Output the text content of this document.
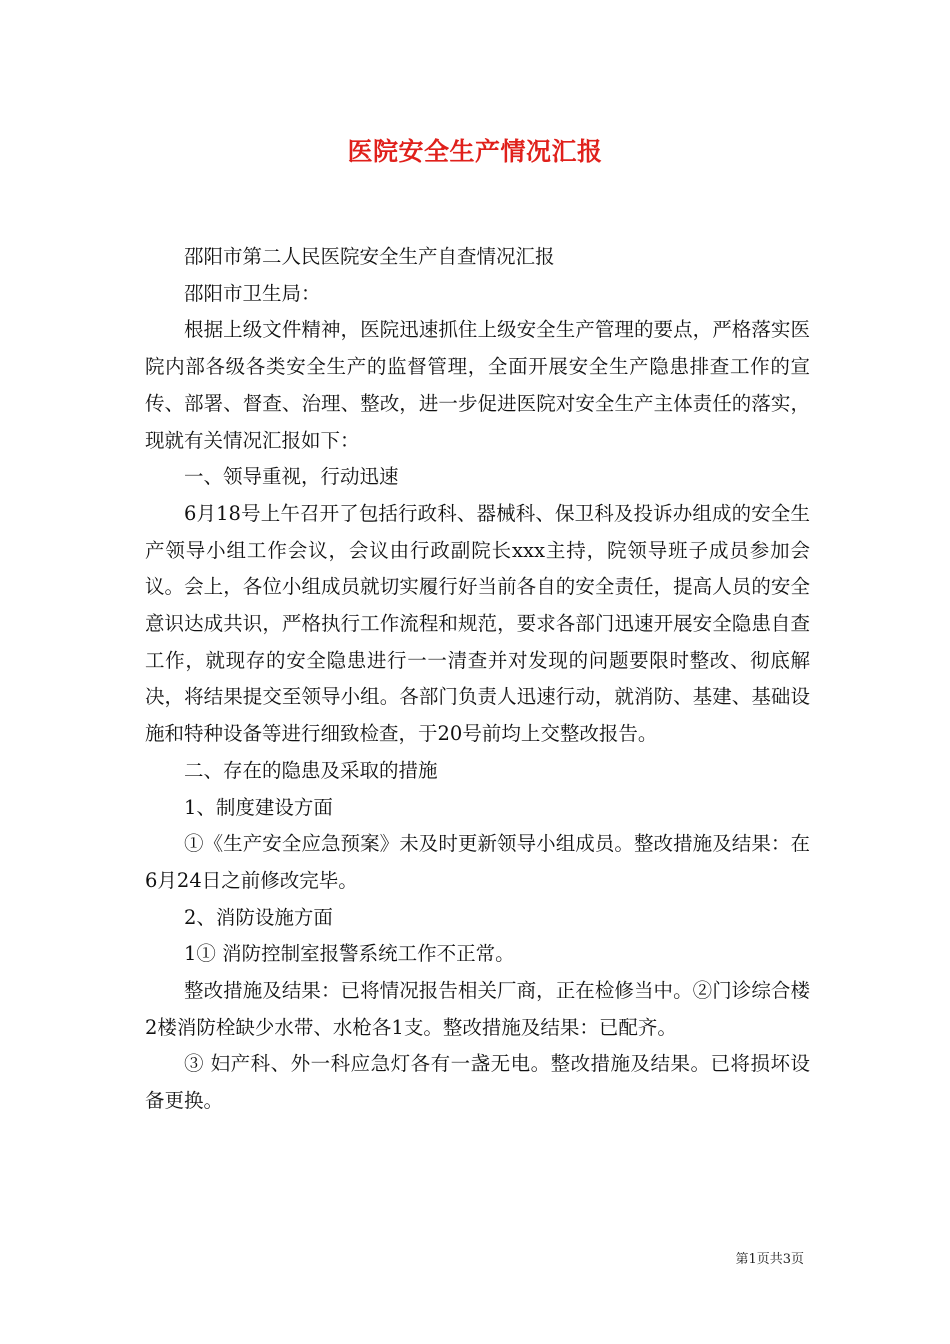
医院安全生产情况汇报

邵阳市第二人民医院安全生产自查情况汇报

邵阳市卫生局：

根据上级文件精神，医院迅速抓住上级安全生产管理的要点，严格落实医院内部各级各类安全生产的监督管理，全面开展安全生产隐患排查工作的宣传、部署、督查、治理、整改，进一步促进医院对安全生产主体责任的落实，现就有关情况汇报如下：

一、领导重视，行动迅速

6月18号上午召开了包括行政科、器械科、保卫科及投诉办组成的安全生产领导小组工作会议，会议由行政副院长xxx主持，院领导班子成员参加会议。会上，各位小组成员就切实履行好当前各自的安全责任，提高人员的安全意识达成共识，严格执行工作流程和规范，要求各部门迅速开展安全隐患自查工作，就现存的安全隐患进行一一清查并对发现的问题要限时整改、彻底解决，将结果提交至领导小组。各部门负责人迅速行动，就消防、基建、基础设施和特种设备等进行细致检查，于20号前均上交整改报告。

二、存在的隐患及采取的措施

1、制度建设方面

①《生产安全应急预案》未及时更新领导小组成员。整改措施及结果：在6月24日之前修改完毕。

2、消防设施方面

1① 消防控制室报警系统工作不正常。

整改措施及结果：已将情况报告相关厂商，正在检修当中。②门诊综合楼2楼消防栓缺少水带、水枪各1支。整改措施及结果：已配齐。

③ 妇产科、外一科应急灯各有一盏无电。整改措施及结果。已将损坏设备更换。

第1页共3页
